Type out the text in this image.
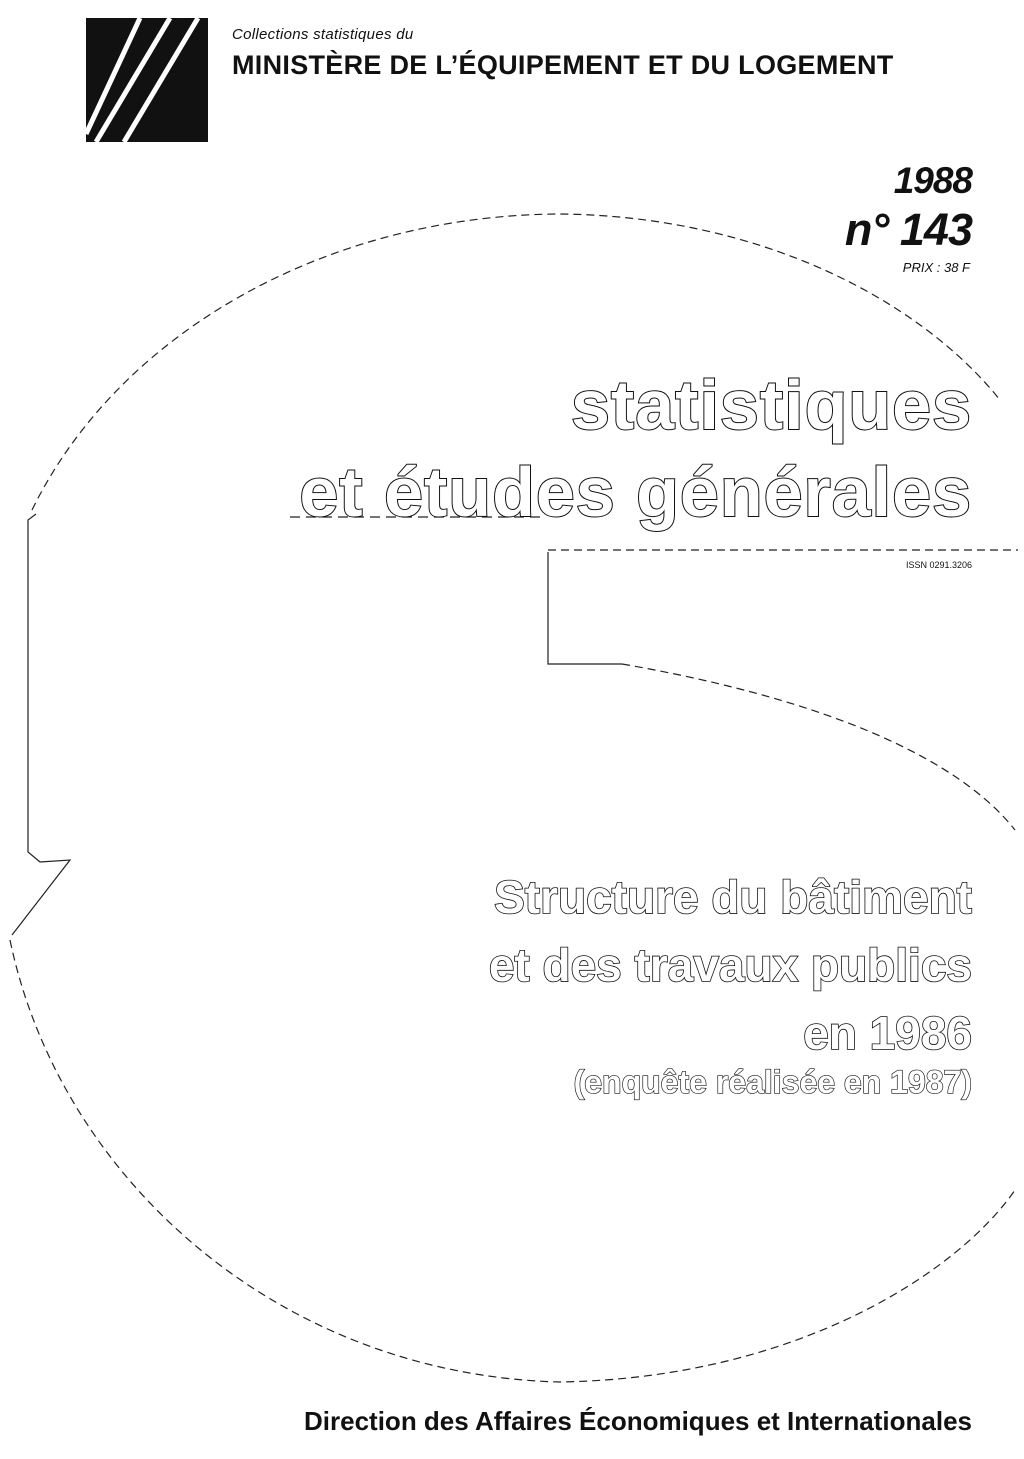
Collections statistiques du
MINISTÈRE DE L’ÉQUIPEMENT ET DU LOGEMENT
1988
n° 143
PRIX : 38 F
statistiques
et études générales
ISSN 0291.3206
Structure du bâtiment
et des travaux publics
en 1986
(enquête réalisée en 1987)
Direction des Affaires Économiques et Internationales
